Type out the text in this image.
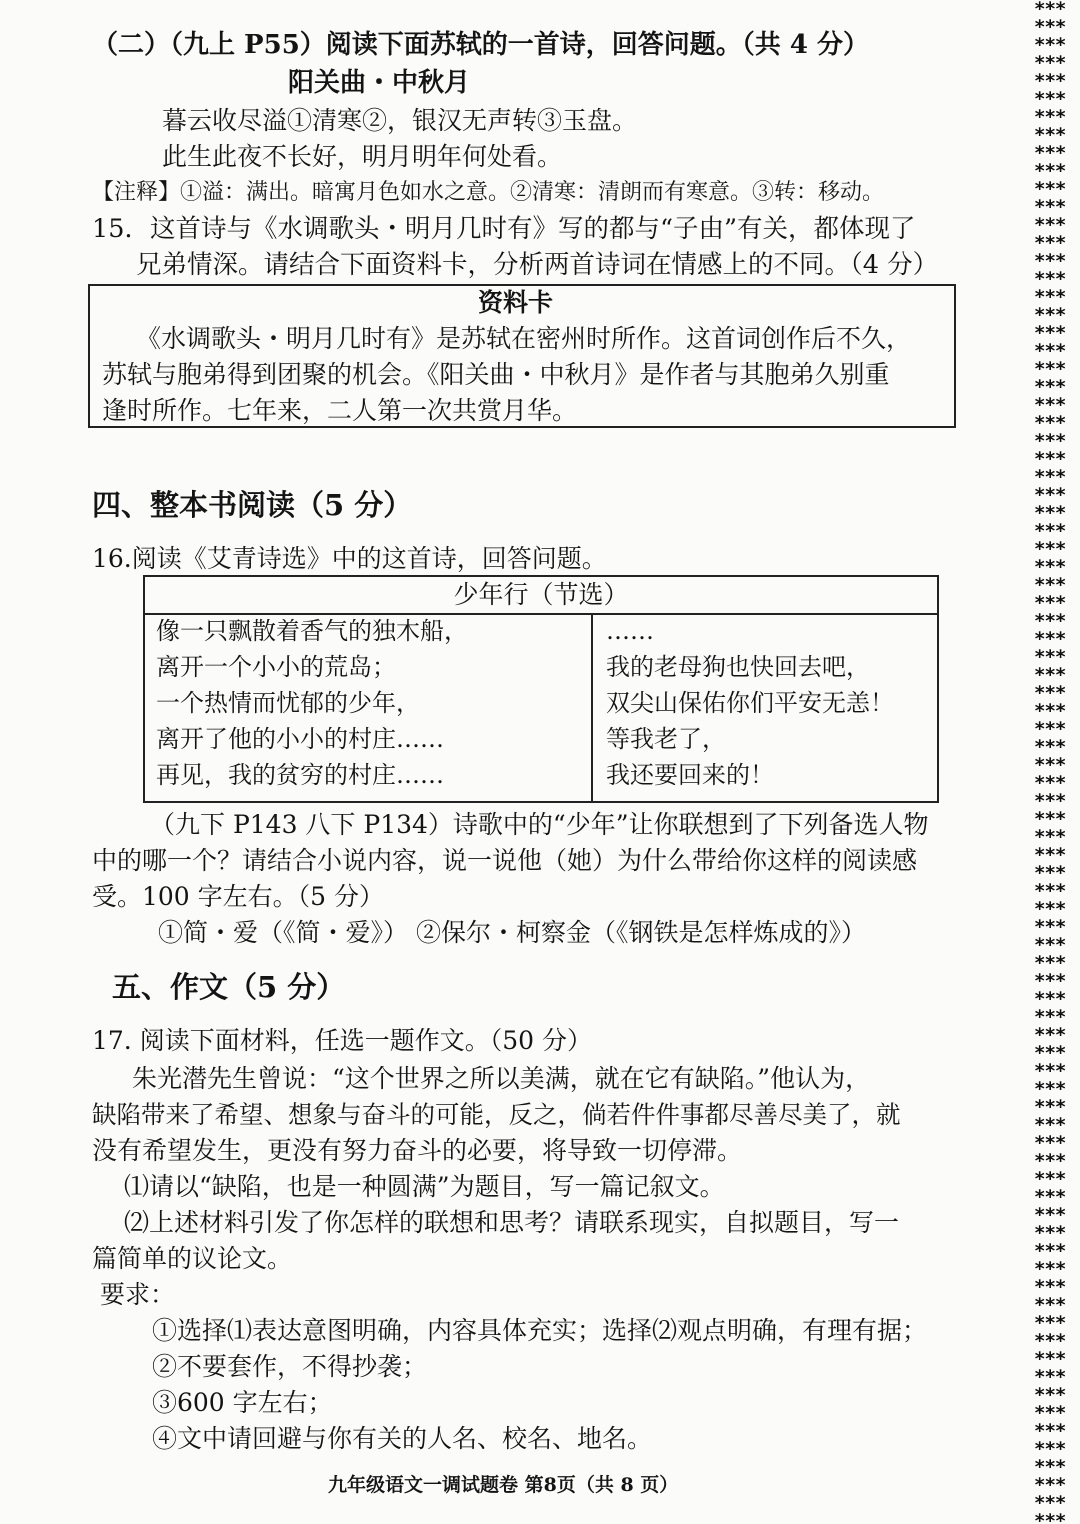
（二）（九上 P55）阅读下面苏轼的一首诗，回答问题。（共 4 分）
阳关曲・中秋月
暮云收尽溢①清寒②，银汉无声转③玉盘。
此生此夜不长好，明月明年何处看。
【注释】①溢：满出。暗寓月色如水之意。②清寒：清朗而有寒意。③转：移动。
15．这首诗与《水调歌头・明月几时有》写的都与“子由”有关，都体现了
兄弟情深。请结合下面资料卡，分析两首诗词在情感上的不同。（4 分）
资料卡
《水调歌头・明月几时有》是苏轼在密州时所作。这首词创作后不久，
苏轼与胞弟得到团聚的机会。《阳关曲・中秋月》是作者与其胞弟久别重
逢时所作。七年来，二人第一次共赏月华。
四、整本书阅读（5 分）
16.阅读《艾青诗选》中的这首诗，回答问题。
少年行（节选）
像一只飘散着香气的独木船，
离开一个小小的荒岛；
一个热情而忧郁的少年，
离开了他的小小的村庄……
再见，我的贫穷的村庄……
……
我的老母狗也快回去吧，
双尖山保佑你们平安无恙！
等我老了，
我还要回来的！
（九下 P143 八下 P134）诗歌中的“少年”让你联想到了下列备选人物
中的哪一个？请结合小说内容，说一说他（她）为什么带给你这样的阅读感
受。100 字左右。（5 分）
①简・爱（《简・爱》） ②保尔・柯察金（《钢铁是怎样炼成的》）
五、作文（5 分）
17. 阅读下面材料，任选一题作文。（50 分）
朱光潜先生曾说：“这个世界之所以美满，就在它有缺陷。”他认为，
缺陷带来了希望、想象与奋斗的可能，反之，倘若件件事都尽善尽美了，就
没有希望发生，更没有努力奋斗的必要，将导致一切停滞。
⑴请以“缺陷，也是一种圆满”为题目，写一篇记叙文。
⑵上述材料引发了你怎样的联想和思考？请联系现实，自拟题目，写一
篇简单的议论文。
要求：
①选择⑴表达意图明确，内容具体充实；选择⑵观点明确，有理有据；
②不要套作，不得抄袭；
③600 字左右；
④文中请回避与你有关的人名、校名、地名。
九年级语文一调试题卷 第8页（共 8 页）
***
***
***
***
***
***
***
***
***
***
***
***
***
***
***
***
***
***
***
***
***
***
***
***
***
***
***
***
***
***
***
***
***
***
***
***
***
***
***
***
***
***
***
***
***
***
***
***
***
***
***
***
***
***
***
***
***
***
***
***
***
***
***
***
***
***
***
***
***
***
***
***
***
***
***
***
***
***
***
***
***
***
***
***
***
